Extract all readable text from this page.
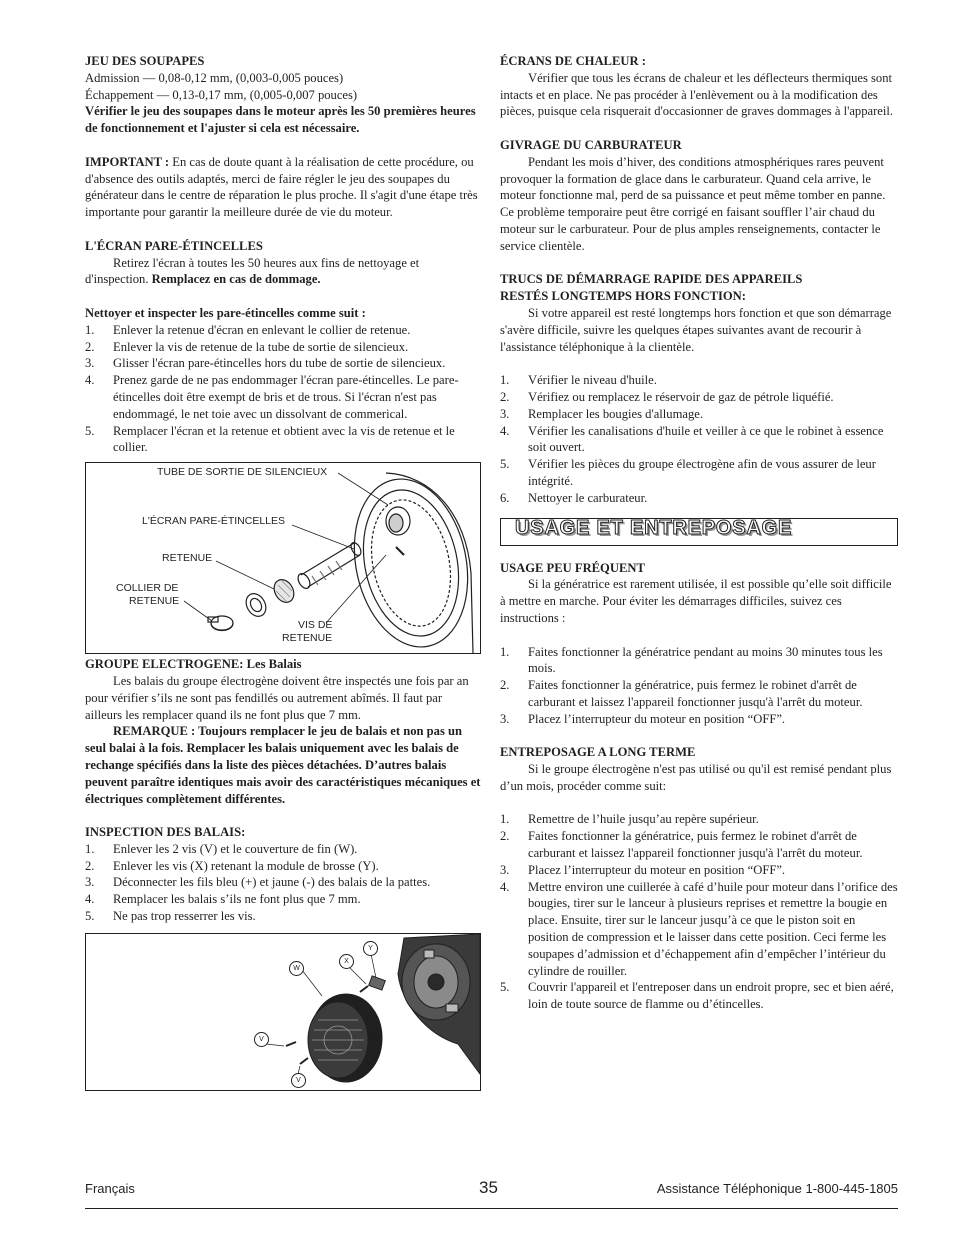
JEU DES SOUPAPES

Admission — 0,08-0,12 mm, (0,003-0,005 pouces)

Échappement — 0,13-0,17 mm, (0,005-0,007 pouces)

Vérifier le jeu des soupapes dans le moteur après les 50 premières heures de fonctionnement et l'ajuster si cela est nécessaire.

IMPORTANT : En cas de doute quant à la réalisation de cette procédure, ou d'absence des outils adaptés, merci de faire régler le jeu des soupapes du générateur dans le centre de réparation le plus proche. Il s'agit d'une étape très importante pour garantir la meilleure durée de vie du moteur.

L'ÉCRAN PARE-ÉTINCELLES

Retirez l'écran à toutes les 50 heures aux fins de nettoyage et d'inspection. Remplacez en cas de dommage.

Nettoyer et inspecter les pare-étincelles comme suit :

1. Enlever la retenue d'écran en enlevant le collier de retenue.
2. Enlever la vis de retenue de la tube de sortie de silencieux.
3. Glisser l'écran pare-étincelles hors du tube de sortie de silencieux.
4. Prenez garde de ne pas endommager l'écran pare-étincelles. Le pare-étincelles doit être exempt de bris et de trous. Si l'écran n'est pas endommagé, le net toie avec un dissolvant de commerical.
5. Remplacer l'écran et la retenue et obtient avec la vis de retenue et le collier.
TUBE DE SORTIE DE SILENCIEUX
L'ÉCRAN PARE-ÉTINCELLES
RETENUE
COLLIER DE
RETENUE
VIS DE
RETENUE

GROUPE ELECTROGENE: Les Balais

Les balais du groupe électrogène doivent être inspectés une fois par an pour vérifier s’ils ne sont pas fendillés ou autrement abîmés. Il faut par ailleurs les remplacer quand ils ne font plus que 7 mm.

REMARQUE : Toujours remplacer le jeu de balais et non pas un seul balai à la fois. Remplacer les balais uniquement avec les balais de rechange spécifiés dans la liste des pièces détachées. D’autres balais peuvent paraître identiques mais avoir des caractéristiques mécaniques et électriques complètement différentes.

INSPECTION DES BALAIS:

1. Enlever les 2 vis (V) et le couverture de fin (W).
2. Enlever les vis (X) retenant la module de brosse (Y).
3. Déconnecter les fils bleu (+) et jaune (-) des balais de la pattes.
4. Remplacer les balais s’ils ne font plus que 7 mm.
5. Ne pas trop resserrer les vis.
W
X
Y
V
V

ÉCRANS DE CHALEUR :

Vérifier que tous les écrans de chaleur et les déflecteurs thermiques sont intacts et en place. Ne pas procéder à l'enlèvement ou à la modification des pièces, puisque cela risquerait d'occasionner de graves dommages à l'appareil.

GIVRAGE DU CARBURATEUR

Pendant les mois d’hiver, des conditions atmosphériques rares peuvent provoquer la formation de glace dans le carburateur. Quand cela arrive, le moteur fonctionne mal, perd de sa puissance et peut même tomber en panne. Ce problème temporaire peut être corrigé en faisant souffler l’air chaud du moteur sur le carburateur. Pour de plus amples renseignements, contacter le service clientèle.

TRUCS DE DÉMARRAGE RAPIDE DES APPAREILS

RESTÉS LONGTEMPS HORS FONCTION:

Si votre appareil est resté longtemps hors fonction et que son démarrage s'avère difficile, suivre les quelques étapes suivantes avant de recourir à l'assistance téléphonique à la clientèle.

1. Vérifier le niveau d'huile.
2. Vérifiez ou remplacez le réservoir de gaz de pétrole liquéfié.
3. Remplacer les bougies d'allumage.
4. Vérifier les canalisations d'huile et veiller à ce que le robinet à essence soit ouvert.
5. Vérifier les pièces du groupe électrogène afin de vous assurer de leur intégrité.
6. Nettoyer le carburateur.
USAGE ET ENTREPOSAGE

USAGE PEU FRÉQUENT

Si la génératrice est rarement utilisée, il est possible qu’elle soit difficile à mettre en marche. Pour éviter les démarrages difficiles, suivez ces instructions :

1. Faites fonctionner la génératrice pendant au moins 30 minutes tous les mois.
2. Faites fonctionner la génératrice, puis fermez le robinet d'arrêt de carburant et laissez l'appareil fonctionner jusqu'à l'arrêt du moteur.
3. Placez l’interrupteur du moteur en position “OFF”.

ENTREPOSAGE A LONG TERME

Si le groupe électrogène n'est pas utilisé ou qu'il est remisé pendant plus d’un mois, procéder comme suit:

1. Remettre de l’huile jusqu’au repère supérieur.
2. Faites fonctionner la génératrice, puis fermez le robinet d'arrêt de carburant et laissez l'appareil fonctionner jusqu'à l'arrêt du moteur.
3. Placez l’interrupteur du moteur en position “OFF”.
4. Mettre environ une cuillerée à café d’huile pour moteur dans l’orifice des bougies, tirer sur le lanceur à plusieurs reprises et remettre la bougie en place. Ensuite, tirer sur le lanceur jusqu’à ce que le piston soit en position de compression et le laisser dans cette position. Ceci ferme les soupapes d’admission et d’échappement afin d’empêcher l’intérieur du cylindre de rouiller.
5. Couvrir l'appareil et l'entreposer dans un endroit propre, sec et bien aéré, loin de toute source de flamme ou d’étincelles.
Français	35	Assistance Téléphonique 1-800-445-1805
